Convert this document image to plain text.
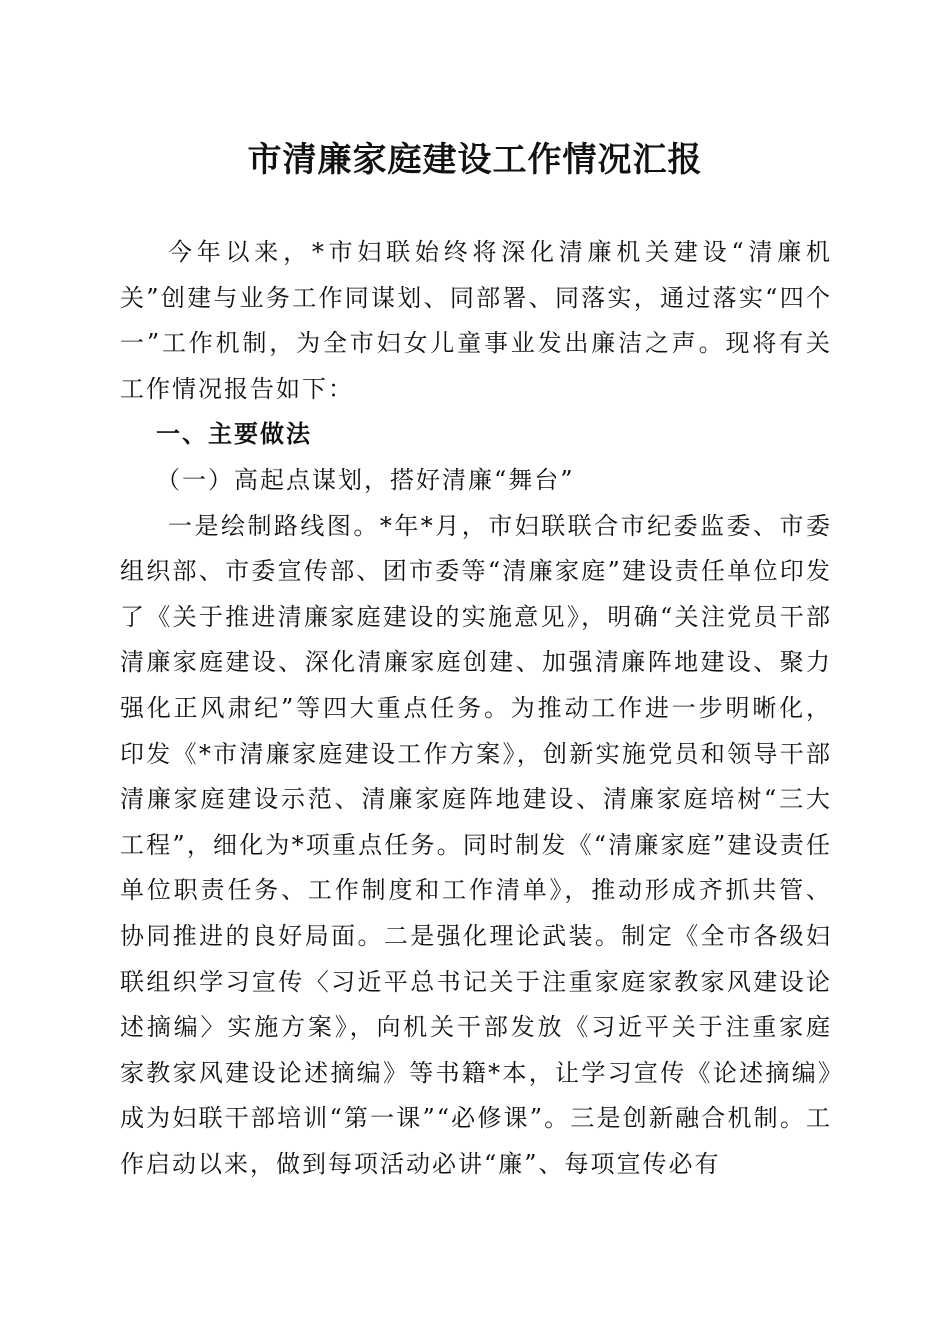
市清廉家庭建设工作情况汇报

今年以来，*市妇联始终将深化清廉机关建设“清廉机关”创建与业务工作同谋划、同部署、同落实，通过落实“四个一”工作机制，为全市妇女儿童事业发出廉洁之声。现将有关工作情况报告如下：

一、主要做法

（一）高起点谋划，搭好清廉“舞台”

一是绘制路线图。*年*月，市妇联联合市纪委监委、市委组织部、市委宣传部、团市委等“清廉家庭”建设责任单位印发了《关于推进清廉家庭建设的实施意见》，明确“关注党员干部清廉家庭建设、深化清廉家庭创建、加强清廉阵地建设、聚力强化正风肃纪”等四大重点任务。为推动工作进一步明晰化，印发《*市清廉家庭建设工作方案》，创新实施党员和领导干部清廉家庭建设示范、清廉家庭阵地建设、清廉家庭培树“三大工程”，细化为*项重点任务。同时制发《“清廉家庭”建设责任单位职责任务、工作制度和工作清单》，推动形成齐抓共管、协同推进的良好局面。二是强化理论武装。制定《全市各级妇联组织学习宣传〈习近平总书记关于注重家庭家教家风建设论述摘编〉实施方案》，向机关干部发放《习近平关于注重家庭家教家风建设论述摘编》等书籍*本，让学习宣传《论述摘编》成为妇联干部培训“第一课”“必修课”。三是创新融合机制。工作启动以来，做到每项活动必讲“廉”、每项宣传必有
